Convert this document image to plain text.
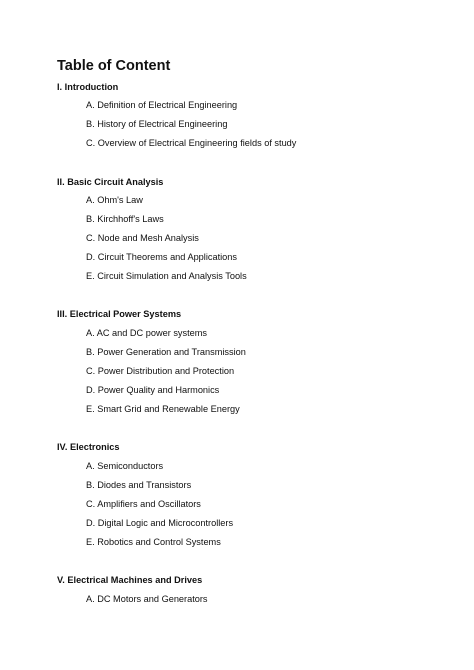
Table of Content
I. Introduction
A. Definition of Electrical Engineering
B. History of Electrical Engineering
C. Overview of Electrical Engineering fields of study
II. Basic Circuit Analysis
A. Ohm's Law
B. Kirchhoff's Laws
C. Node and Mesh Analysis
D. Circuit Theorems and Applications
E. Circuit Simulation and Analysis Tools
III. Electrical Power Systems
A. AC and DC power systems
B. Power Generation and Transmission
C. Power Distribution and Protection
D. Power Quality and Harmonics
E. Smart Grid and Renewable Energy
IV. Electronics
A. Semiconductors
B. Diodes and Transistors
C. Amplifiers and Oscillators
D. Digital Logic and Microcontrollers
E. Robotics and Control Systems
V. Electrical Machines and Drives
A. DC Motors and Generators
